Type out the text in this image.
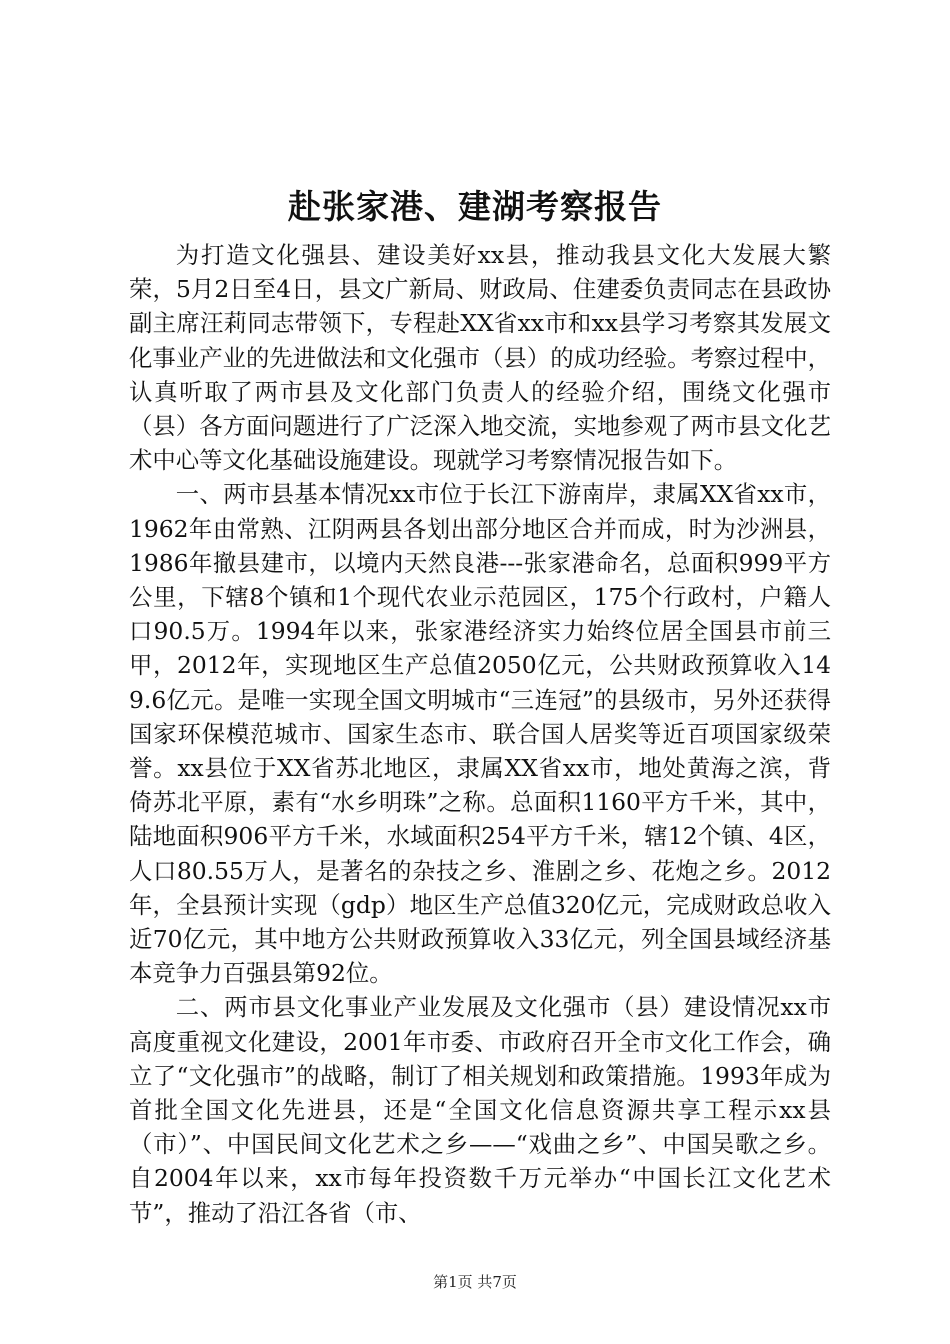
赴张家港、建湖考察报告

为打造文化强县、建设美好xx县，推动我县文化大发展大繁荣，5月2日至4日，县文广新局、财政局、住建委负责同志在县政协副主席汪莉同志带领下，专程赴XX省xx市和xx县学习考察其发展文化事业产业的先进做法和文化强市（县）的成功经验。考察过程中，认真听取了两市县及文化部门负责人的经验介绍，围绕文化强市（县）各方面问题进行了广泛深入地交流，实地参观了两市县文化艺术中心等文化基础设施建设。现就学习考察情况报告如下。

一、两市县基本情况xx市位于长江下游南岸，隶属XX省xx市，1962年由常熟、江阴两县各划出部分地区合并而成，时为沙洲县，1986年撤县建市，以境内天然良港---张家港命名，总面积999平方公里，下辖8个镇和1个现代农业示范园区，175个行政村，户籍人口90.5万。1994年以来，张家港经济实力始终位居全国县市前三甲，2012年，实现地区生产总值2050亿元，公共财政预算收入149.6亿元。是唯一实现全国文明城市“三连冠”的县级市，另外还获得国家环保模范城市、国家生态市、联合国人居奖等近百项国家级荣誉。xx县位于XX省苏北地区，隶属XX省xx市，地处黄海之滨，背倚苏北平原，素有“水乡明珠”之称。总面积1160平方千米，其中，陆地面积906平方千米，水域面积254平方千米，辖12个镇、4区，人口80.55万人，是著名的杂技之乡、淮剧之乡、花炮之乡。2012年，全县预计实现（gdp）地区生产总值320亿元，完成财政总收入近70亿元，其中地方公共财政预算收入33亿元，列全国县域经济基本竞争力百强县第92位。

二、两市县文化事业产业发展及文化强市（县）建设情况xx市高度重视文化建设，2001年市委、市政府召开全市文化工作会，确立了“文化强市”的战略，制订了相关规划和政策措施。1993年成为首批全国文化先进县，还是“全国文化信息资源共享工程示xx县（市）”、中国民间文化艺术之乡——“戏曲之乡”、中国吴歌之乡。自2004年以来，xx市每年投资数千万元举办“中国长江文化艺术节”，推动了沿江各省（市、

第1页 共7页
